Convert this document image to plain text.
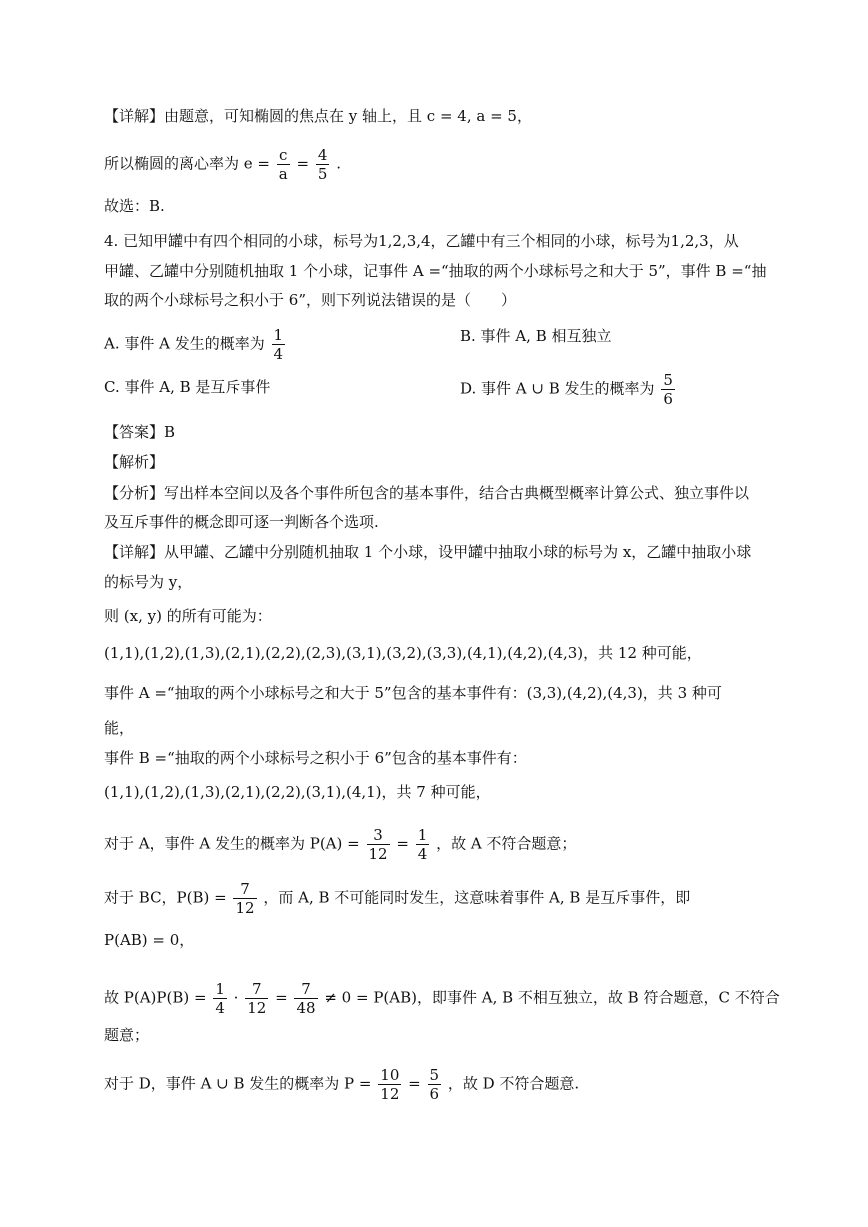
【详解】由题意，可知椭圆的焦点在 y 轴上，且 c = 4, a = 5，
所以椭圆的离心率为 $e = \frac{c}{a} = \frac{4}{5}$ .
故选：B.
4. 已知甲罐中有四个相同的小球，标号为1,2,3,4，乙罐中有三个相同的小球，标号为1,2,3，从
甲罐、乙罐中分别随机抽取 1 个小球，记事件 A =“抽取的两个小球标号之和大于 5”，事件 B =“抽
取的两个小球标号之积小于 6”，则下列说法错误的是（　　）
A. 事件 A 发生的概率为 $\frac{1}{4}$	B. 事件 A, B 相互独立
C. 事件 A, B 是互斥事件	D. 事件 A ∪ B 发生的概率为 $\frac{5}{6}$
【答案】B
【解析】
【分析】写出样本空间以及各个事件所包含的基本事件，结合古典概型概率计算公式、独立事件以
及互斥事件的概念即可逐一判断各个选项.
【详解】从甲罐、乙罐中分别随机抽取 1 个小球，设甲罐中抽取小球的标号为 x，乙罐中抽取小球
的标号为 y，
则 (x, y) 的所有可能为：
(1,1),(1,2),(1,3),(2,1),(2,2),(2,3),(3,1),(3,2),(3,3),(4,1),(4,2),(4,3)，共 12 种可能，
事件 A =“抽取的两个小球标号之和大于 5”包含的基本事件有：(3,3),(4,2),(4,3)，共 3 种可
能，
事件 B =“抽取的两个小球标号之积小于 6”包含的基本事件有：
(1,1),(1,2),(1,3),(2,1),(2,2),(3,1),(4,1)，共 7 种可能，
对于 A，事件 A 发生的概率为 $P(A) = \frac{3}{12} = \frac{1}{4}$ ，故 A 不符合题意；
对于 BC，$P(B) = \frac{7}{12}$ ，而 A, B 不可能同时发生，这意味着事件 A, B 是互斥事件，即
P(AB) = 0，
故 $P(A)P(B) = \frac{1}{4} \cdot \frac{7}{12} = \frac{7}{48} \ne 0 = P(AB)$，即事件 A, B 不相互独立，故 B 符合题意，C 不符合
题意；
对于 D，事件 A ∪ B 发生的概率为 $P = \frac{10}{12} = \frac{5}{6}$ ，故 D 不符合题意.
